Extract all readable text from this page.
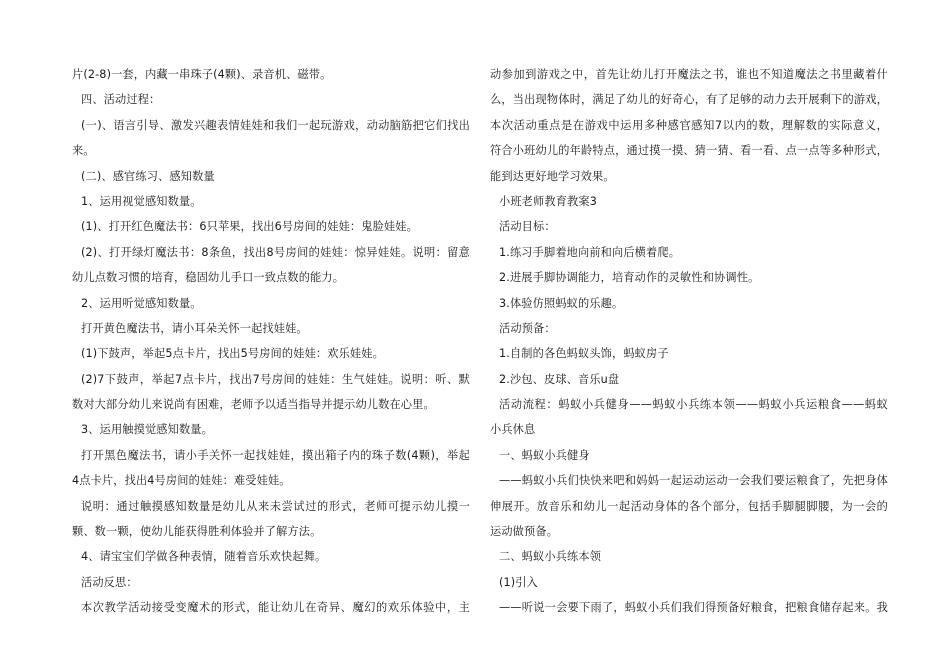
片(2-8)一套，内藏一串珠子(4颗)、录音机、磁带。
四、活动过程：
(一)、语言引导、激发兴趣表情娃娃和我们一起玩游戏，动动脑筋把它们找出
来。
(二)、感官练习、感知数量
1、运用视觉感知数量。
(1)、打开红色魔法书：6只苹果，找出6号房间的娃娃：鬼脸娃娃。
(2)、打开绿灯魔法书：8条鱼，找出8号房间的娃娃：惊异娃娃。说明：留意
幼儿点数习惯的培育，稳固幼儿手口一致点数的能力。
2、运用听觉感知数量。
打开黄色魔法书，请小耳朵关怀一起找娃娃。
(1)下鼓声，举起5点卡片，找出5号房间的娃娃：欢乐娃娃。
(2)7下鼓声，举起7点卡片，找出7号房间的娃娃：生气娃娃。说明：听、默
数对大部分幼儿来说尚有困难，老师予以适当指导并提示幼儿数在心里。
3、运用触摸觉感知数量。
打开黑色魔法书，请小手关怀一起找娃娃，摸出箱子内的珠子数(4颗)，举起
4点卡片，找出4号房间的娃娃：难受娃娃。
说明：通过触摸感知数量是幼儿从来未尝试过的形式，老师可提示幼儿摸一
颗、数一颗，使幼儿能获得胜利体验并了解方法。
4、请宝宝们学做各种表情，随着音乐欢快起舞。
活动反思：
本次教学活动接受变魔术的形式，能让幼儿在奇异、魔幻的欢乐体验中，主
动参加到游戏之中，首先让幼儿打开魔法之书，谁也不知道魔法之书里藏着什
么，当出现物体时，满足了幼儿的好奇心，有了足够的动力去开展剩下的游戏，
本次活动重点是在游戏中运用多种感官感知7以内的数，理解数的实际意义，
符合小班幼儿的年龄特点，通过摸一摸、猜一猜、看一看、点一点等多种形式，
能到达更好地学习效果。
小班老师教育教案3
活动目标：
1.练习手脚着地向前和向后横着爬。
2.进展手脚协调能力，培育动作的灵敏性和协调性。
3.体验仿照蚂蚁的乐趣。
活动预备：
1.自制的各色蚂蚁头饰，蚂蚁房子
2.沙包、皮球、音乐u盘
活动流程：蚂蚁小兵健身——蚂蚁小兵练本领——蚂蚁小兵运粮食——蚂蚁
小兵休息
一、蚂蚁小兵健身
——蚂蚁小兵们快快来吧和妈妈一起运动运动一会我们要运粮食了，先把身体
伸展开。放音乐和幼儿一起活动身体的各个部分，包括手脚腿脚腰，为一会的
运动做预备。
二、蚂蚁小兵练本领
(1)引入
——听说一会要下雨了，蚂蚁小兵们我们得预备好粮食，把粮食储存起来。我
